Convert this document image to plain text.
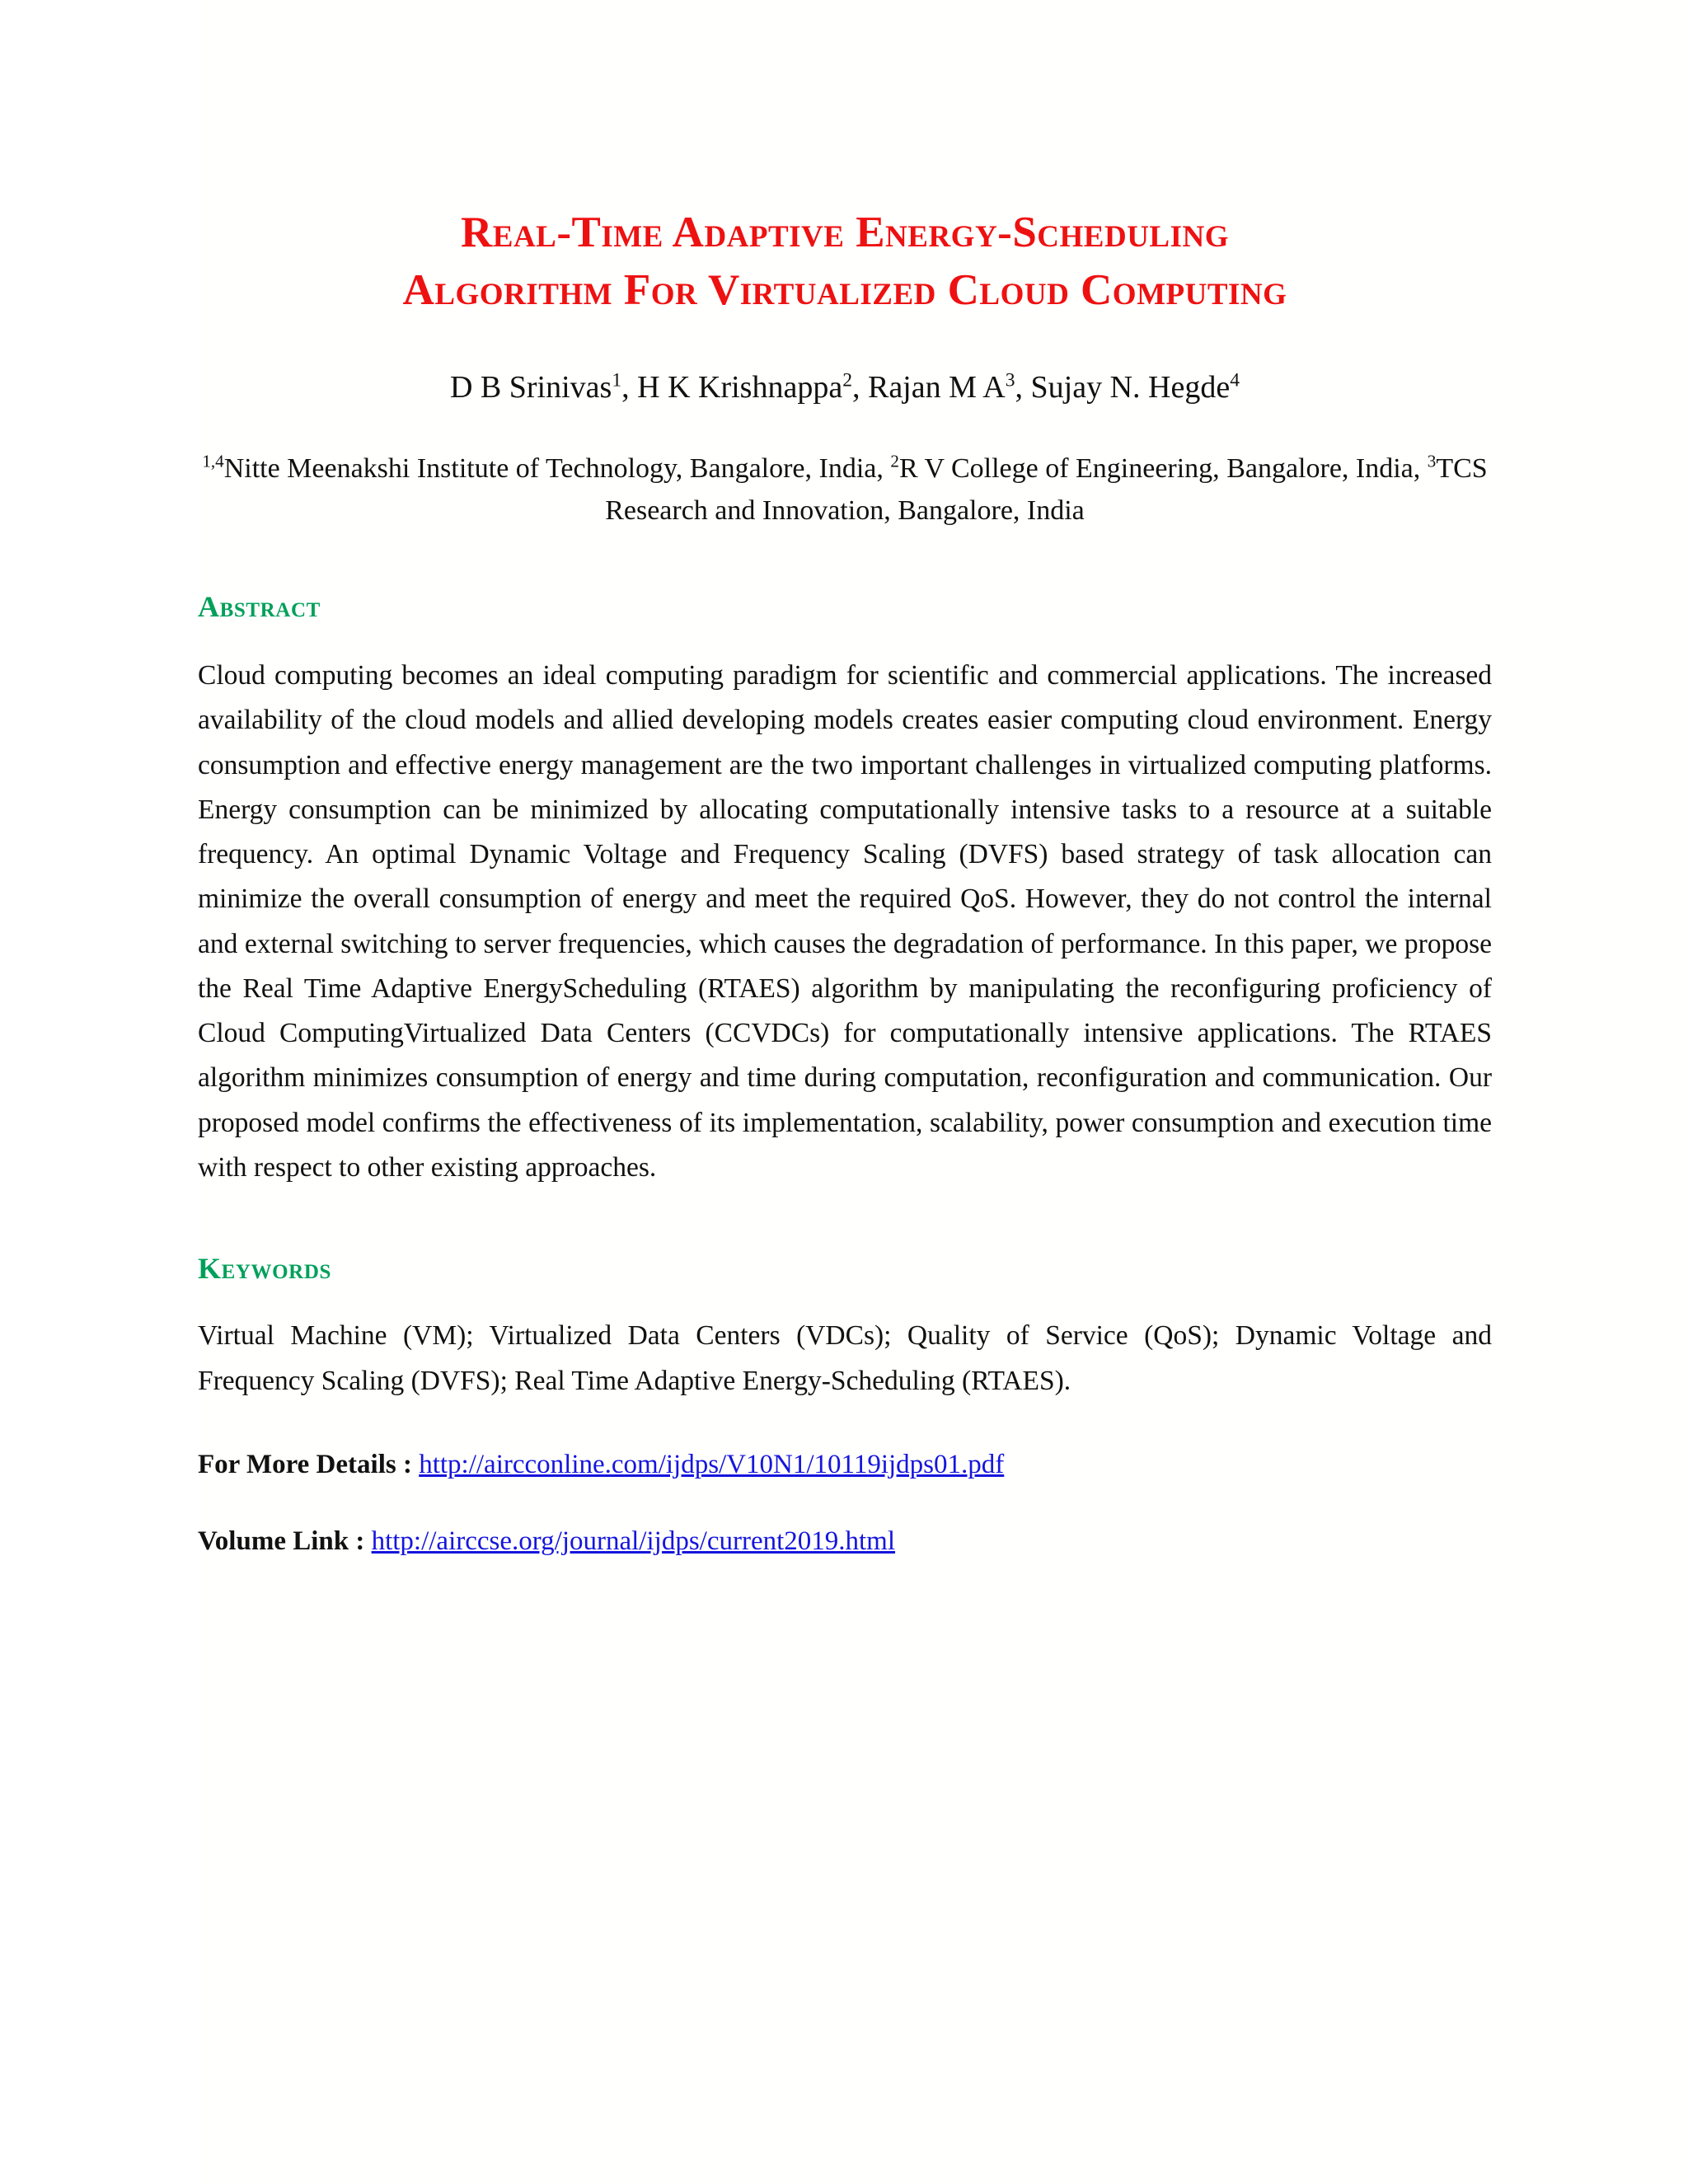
Real-Time Adaptive Energy-Scheduling
Algorithm For Virtualized Cloud Computing
D B Srinivas$^1$, H K Krishnappa$^2$, Rajan M $A^3$, Sujay N. Hegde$^4$
$^{1,4}$Nitte Meenakshi Institute of Technology, Bangalore, India, $^2$R V College of Engineering, Bangalore, India, $^3$TCS Research and Innovation, Bangalore, India
Abstract
Cloud computing becomes an ideal computing paradigm for scientific and commercial applications. The increased availability of the cloud models and allied developing models creates easier computing cloud environment. Energy consumption and effective energy management are the two important challenges in virtualized computing platforms. Energy consumption can be minimized by allocating computationally intensive tasks to a resource at a suitable frequency. An optimal Dynamic Voltage and Frequency Scaling (DVFS) based strategy of task allocation can minimize the overall consumption of energy and meet the required QoS. However, they do not control the internal and external switching to server frequencies, which causes the degradation of performance. In this paper, we propose the Real Time Adaptive EnergyScheduling (RTAES) algorithm by manipulating the reconfiguring proficiency of Cloud ComputingVirtualized Data Centers (CCVDCs) for computationally intensive applications. The RTAES algorithm minimizes consumption of energy and time during computation, reconfiguration and communication. Our proposed model confirms the effectiveness of its implementation, scalability, power consumption and execution time with respect to other existing approaches.
Keywords
Virtual Machine (VM); Virtualized Data Centers (VDCs); Quality of Service (QoS); Dynamic Voltage and Frequency Scaling (DVFS); Real Time Adaptive Energy-Scheduling (RTAES).
For More Details : http://aircconline.com/ijdps/V10N1/10119ijdps01.pdf
Volume Link : http://airccse.org/journal/ijdps/current2019.html
